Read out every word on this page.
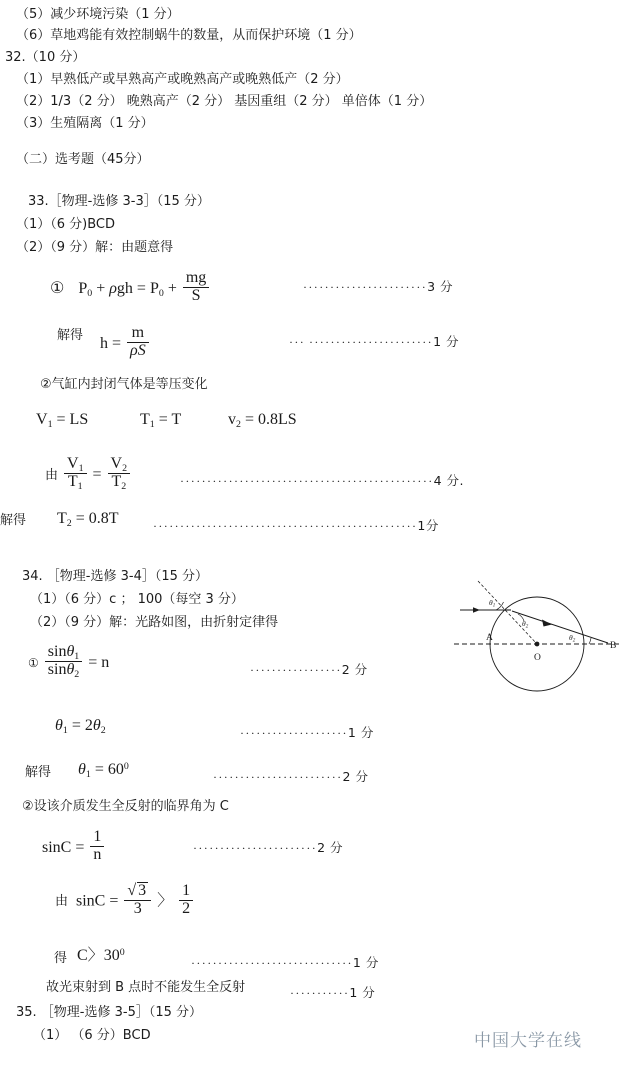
（5）减少环境污染（1 分）
（6）草地鸡能有效控制蜗牛的数量，从而保护环境（1 分）
32.（10 分）
（1）早熟低产或早熟高产或晚熟高产或晚熟低产（2 分）
（2）1/3（2 分） 晚熟高产（2 分） 基因重组（2 分） 单倍体（1 分）
（3）生殖隔离（1 分）
（二）选考题（45分）
33.［物理-选修 3-3］（15 分）
（1）（6 分)BCD
（2）（9 分）解：由题意得
① $P_0 + \rho gh = P_0 + \frac{mg}{S}$	·······················3 分
解得 $h = \frac{m}{\rho S}$	··· ·······················1 分
②气缸内封闭气体是等压变化
$V_1$ = LS	$T_1 = T$	$v_2 = 0.8LS$
由 $\frac{V_1}{T_1} = \frac{V_2}{T_2}$	···············································4 分.
解得 $T_2 = 0.8T$	·················································1分
34. ［物理-选修 3-4］（15 分）
（1）（6 分）c ； 100（每空 3 分）
（2）（9 分）解：光路如图，由折射定律得
① $\frac{\sin\theta_1}{\sin\theta_2} = n$	·················2 分
$\theta_1 = 2\theta_2$	····················1 分
解得 $\theta_1 = 60^0$
························2 分
②设该介质发生全反射的临界角为 C
$\sin C = \frac{1}{n}$	·······················2 分
由 $\sin C = \frac{√ 3}{3}$ 〉 $\frac{1}{2}$
得 C〉$30^0$
······························1 分
故光束射到 B 点时不能发生全反射	···········1 分
35. ［物理-选修 3-5］（15 分）
（1） （6 分）BCD
$\theta_1$
$\theta_2$
$\theta_2$
A
O
B
中国大学在线
